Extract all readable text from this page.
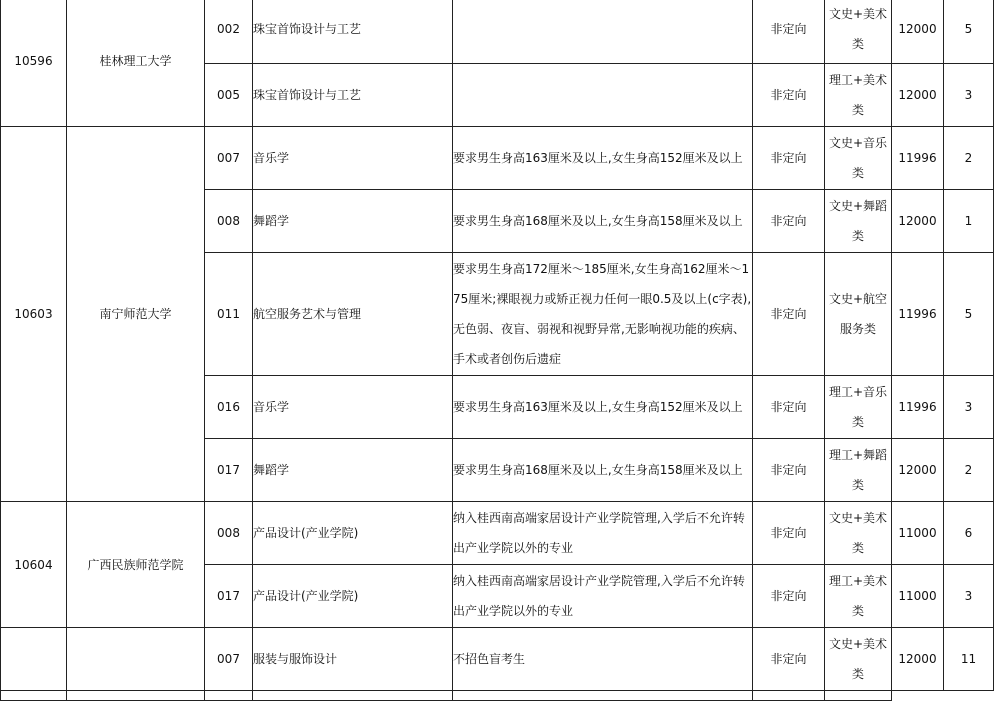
10596	桂林理工大学	002	珠宝首饰设计与工艺		非定向	文史+美术类	12000	5
		005	珠宝首饰设计与工艺		非定向	理工+美术类	12000	3
10603	南宁师范大学	007	音乐学	要求男生身高163厘米及以上,女生身高152厘米及以上	非定向	文史+音乐类	11996	2
		008	舞蹈学	要求男生身高168厘米及以上,女生身高158厘米及以上	非定向	文史+舞蹈类	12000	1
		011	航空服务艺术与管理	要求男生身高172厘米～185厘米,女生身高162厘米～175厘米;裸眼视力或矫正视力任何一眼0.5及以上(c字表),无色弱、夜盲、弱视和视野异常,无影响视功能的疾病、手术或者创伤后遗症	非定向	文史+航空服务类	11996	5
		016	音乐学	要求男生身高163厘米及以上,女生身高152厘米及以上	非定向	理工+音乐类	11996	3
		017	舞蹈学	要求男生身高168厘米及以上,女生身高158厘米及以上	非定向	理工+舞蹈类	12000	2
10604	广西民族师范学院	008	产品设计(产业学院)	纳入桂西南高端家居设计产业学院管理,入学后不允许转出产业学院以外的专业	非定向	文史+美术类	11000	6
		017	产品设计(产业学院)	纳入桂西南高端家居设计产业学院管理,入学后不允许转出产业学院以外的专业	非定向	理工+美术类	11000	3
		007	服装与服饰设计	不招色盲考生	非定向	文史+美术类	12000	11
